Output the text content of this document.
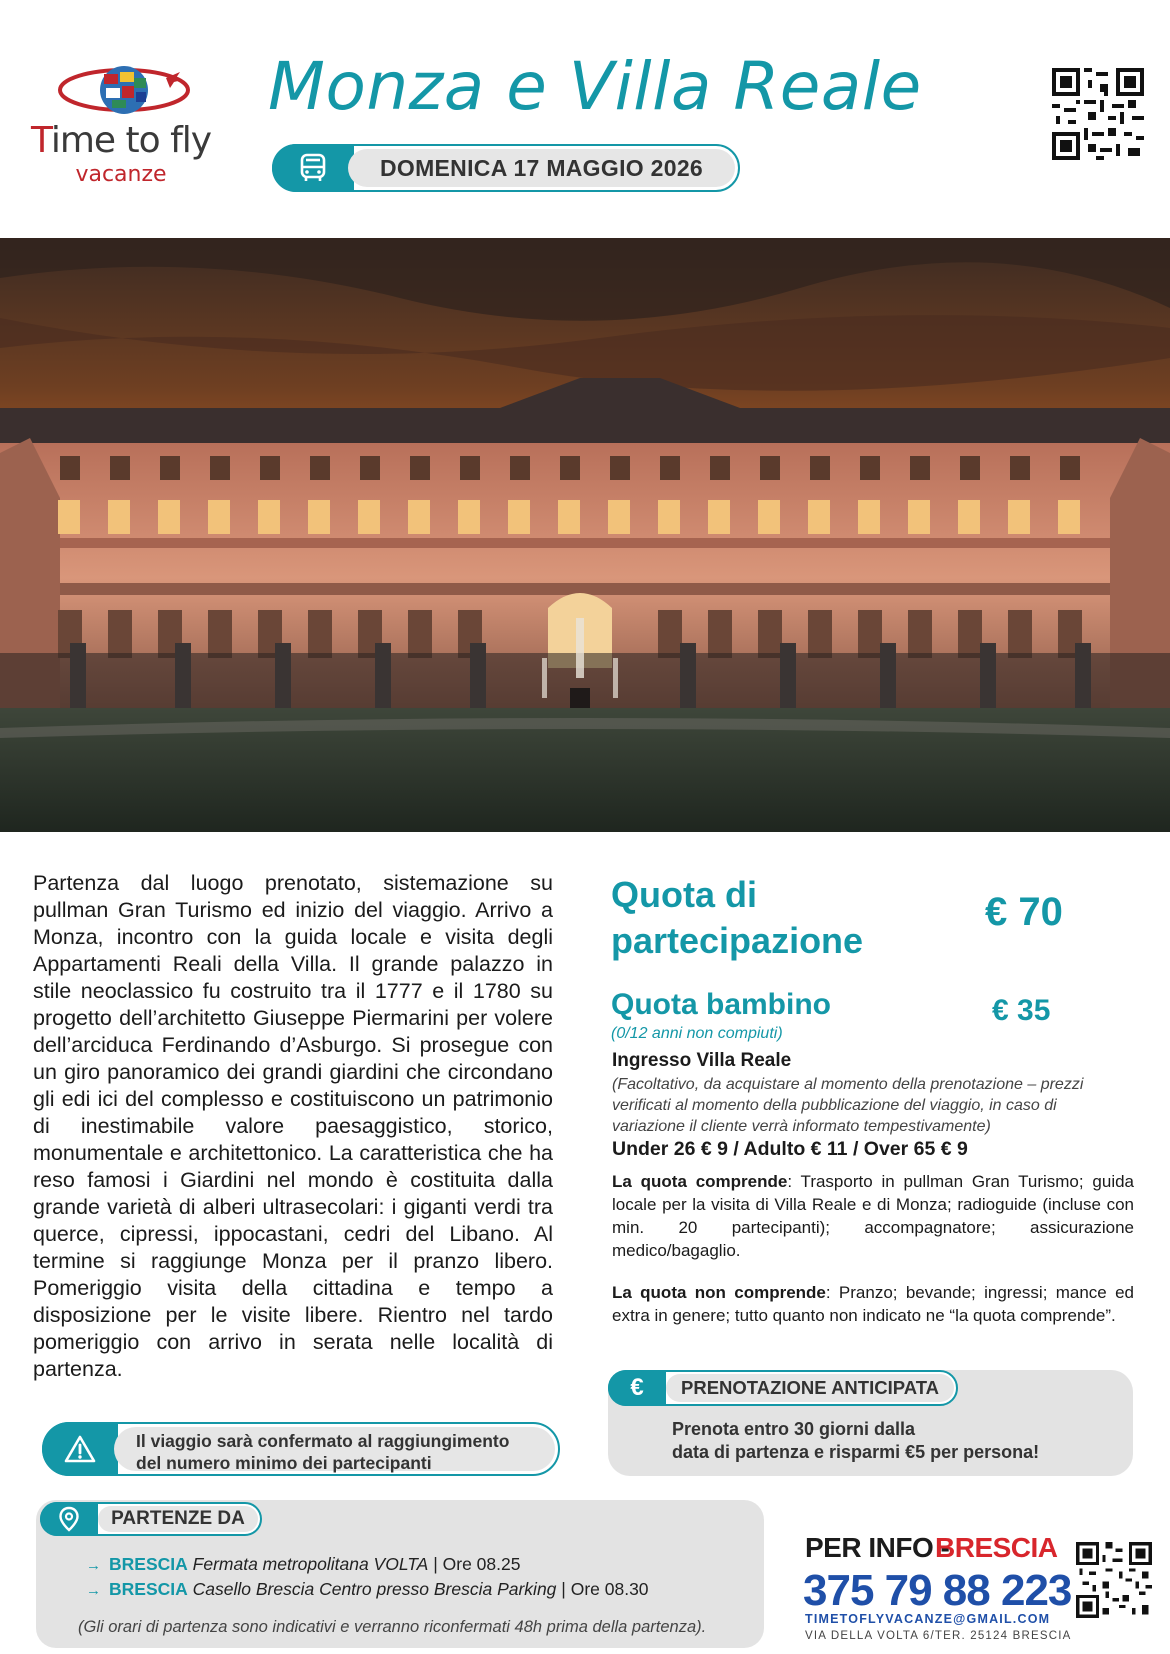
Time to fly
vacanze
Monza e Villa Reale
DOMENICA 17 MAGGIO 2026
Partenza dal luogo prenotato, sistemazione su pullman Gran Turismo ed inizio del viaggio. Arrivo a Monza, incontro con la guida locale e visita degli Appartamenti Reali della Villa. Il grande palazzo in stile neoclassico fu costruito tra il 1777 e il 1780 su progetto dell’architetto Giuseppe Piermarini per volere dell’arciduca Ferdinando d’Asburgo. Si prosegue con un giro panoramico dei grandi giardini che circondano gli edi ici del complesso e costituiscono un patrimonio di inestimabile valore paesaggistico, storico, monumentale e architettonico. La caratteristica che ha reso famosi i Giardini nel mondo è costituita dalla grande varietà di alberi ultrasecolari: i giganti verdi tra querce, cipressi, ippocastani, cedri del Libano. Al termine si raggiunge Monza per il pranzo libero. Pomeriggio visita della cittadina e tempo a disposizione per le visite libere. Rientro nel tardo pomeriggio con arrivo in serata nelle località di partenza.
Quota di partecipazione
€ 70
Quota bambino	€ 35
(0/12 anni non compiuti)
Ingresso Villa Reale
(Facoltativo, da acquistare al momento della prenotazione – prezzi verificati al momento della pubblicazione del viaggio, in caso di variazione il cliente verrà informato tempestivamente)
Under 26 € 9 / Adulto € 11 / Over 65 € 9
La quota comprende: Trasporto in pullman Gran Turismo; guida locale per la visita di Villa Reale e di Monza; radioguide (incluse con min. 20 partecipanti); accompagnatore; assicurazione medico/bagaglio.
La quota non comprende: Pranzo; bevande; ingressi; mance ed extra in genere; tutto quanto non indicato ne “la quota comprende”.
€	PRENOTAZIONE ANTICIPATA
Prenota entro 30 giorni dalla
data di partenza e risparmi €5 per persona!
Il viaggio sarà confermato al raggiungimento
del numero minimo dei partecipanti
PARTENZE DA
→ BRESCIA Fermata metropolitana VOLTA | Ore 08.25
→ BRESCIA Casello Brescia Centro presso Brescia Parking | Ore 08.30
(Gli orari di partenza sono indicativi e verranno riconfermati 48h prima della partenza).
PER INFO -
BRESCIA
375 79 88 223
TIMETOFLYVACANZE@GMAIL.COM
VIA DELLA VOLTA 6/TER. 25124 BRESCIA
